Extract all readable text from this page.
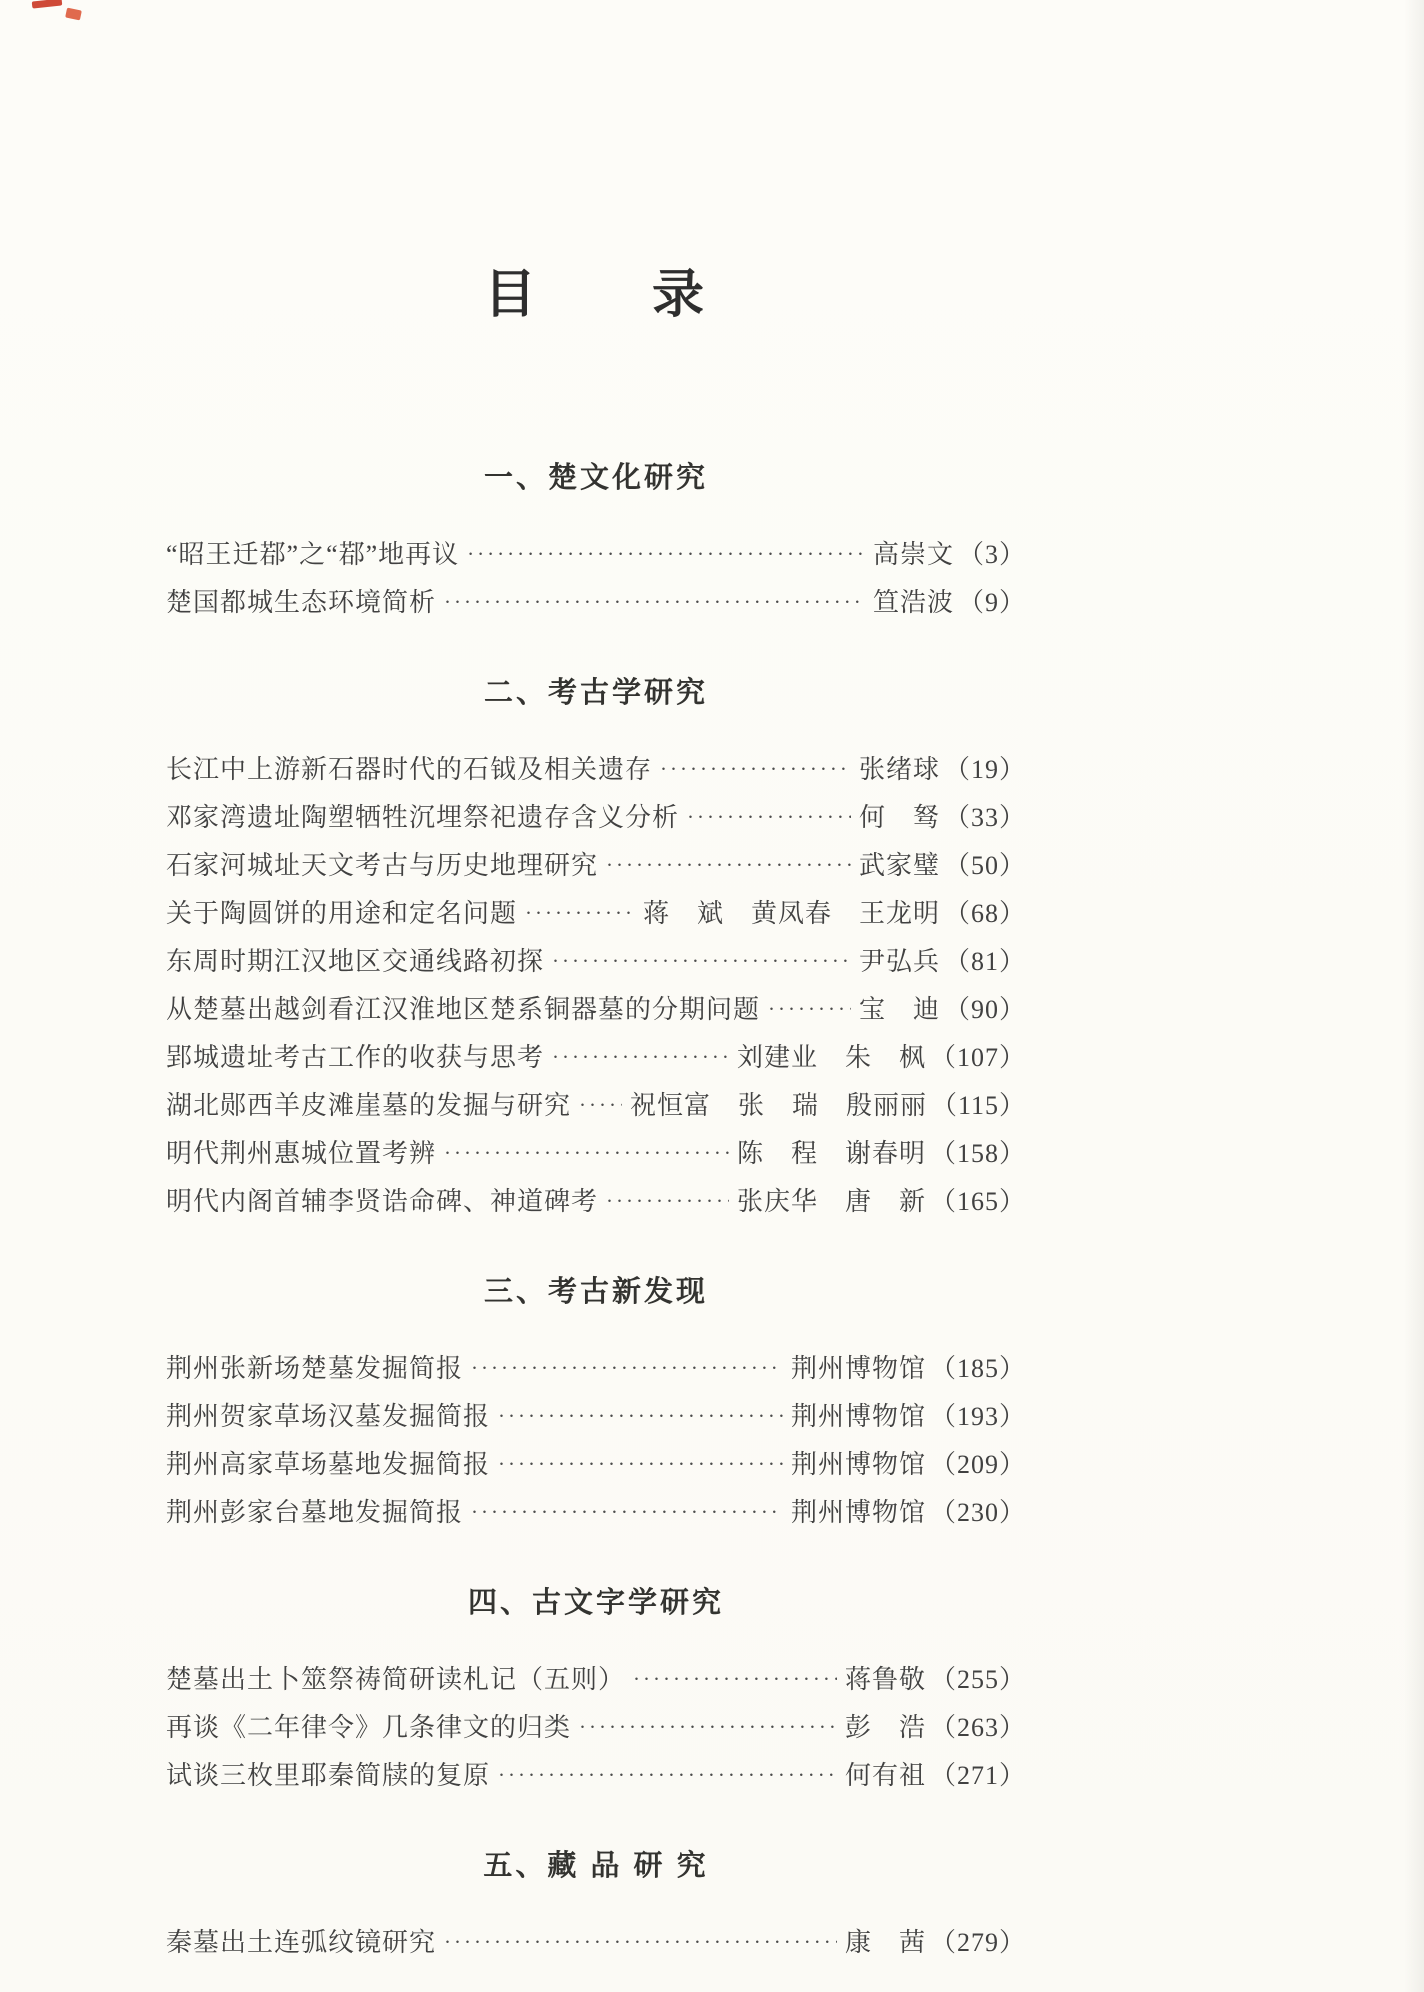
目　　录
一、楚文化研究
“昭王迁鄀”之“鄀”地再议 ·····	高崇文 （3）
楚国都城生态环境简析 ·····	笪浩波 （9）
二、考古学研究
长江中上游新石器时代的石钺及相关遗存 ·····	张绪球 （19）
邓家湾遗址陶塑牺牲沉埋祭祀遗存含义分析 ·····	何　驽 （33）
石家河城址天文考古与历史地理研究 ·····	武家璧 （50）
关于陶圆饼的用途和定名问题 ·····	蒋　斌　黄凤春　王龙明 （68）
东周时期江汉地区交通线路初探 ·····	尹弘兵 （81）
从楚墓出越剑看江汉淮地区楚系铜器墓的分期问题 ·····	宝　迪 （90）
郢城遗址考古工作的收获与思考 ·····	刘建业　朱　枫 （107）
湖北郧西羊皮滩崖墓的发掘与研究 ····· 祝恒富　张　瑞　殷丽丽 （115）
明代荆州惠城位置考辨 ·····	陈　程　谢春明 （158）
明代内阁首辅李贤诰命碑、神道碑考 ·····	张庆华　唐　新 （165）
三、考古新发现
荆州张新场楚墓发掘简报 ·····	荆州博物馆 （185）
荆州贺家草场汉墓发掘简报 ·····	荆州博物馆 （193）
荆州高家草场墓地发掘简报 ·····	荆州博物馆 （209）
荆州彭家台墓地发掘简报 ·····	荆州博物馆 （230）
四、古文字学研究
楚墓出土卜筮祭祷简研读札记（五则） ·····	蒋鲁敬 （255）
再谈《二年律令》几条律文的归类 ·····	彭　浩 （263）
试谈三枚里耶秦简牍的复原 ·····	何有祖 （271）
五、藏 品 研 究
秦墓出土连弧纹镜研究 ·····	康　茜 （279）
